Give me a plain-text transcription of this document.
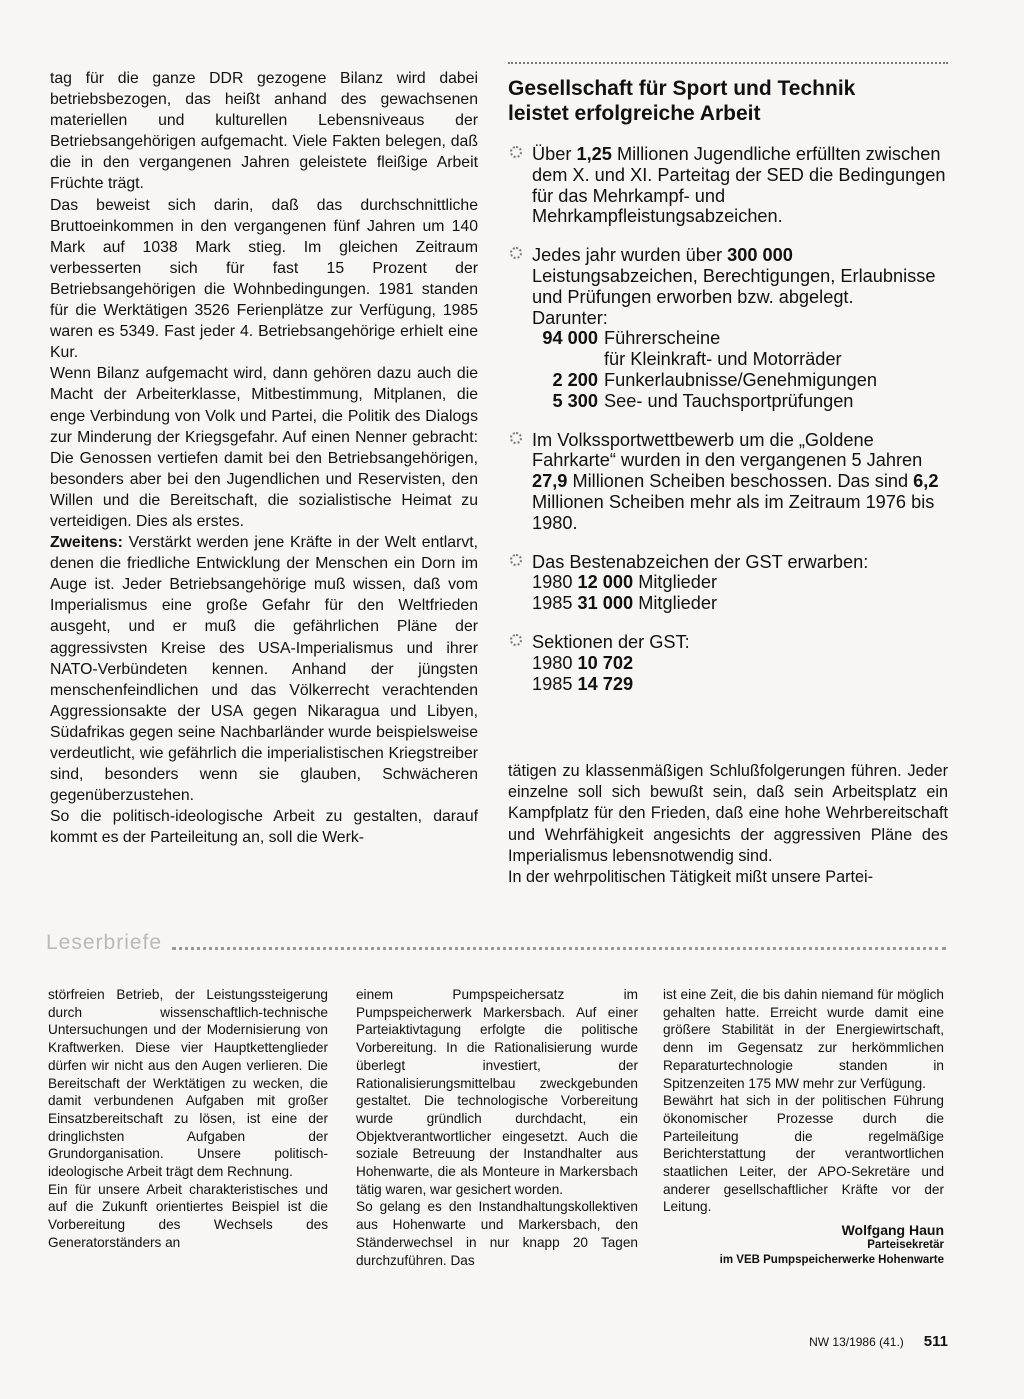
tag für die ganze DDR gezogene Bilanz wird dabei betriebsbezogen, das heißt anhand des gewachsenen materiellen und kulturellen Lebensniveaus der Betriebsangehörigen aufgemacht. Viele Fakten belegen, daß die in den vergangenen Jahren geleistete fleißige Arbeit Früchte trägt.

Das beweist sich darin, daß das durchschnittliche Bruttoeinkommen in den vergangenen fünf Jahren um 140 Mark auf 1038 Mark stieg. Im gleichen Zeitraum verbesserten sich für fast 15 Prozent der Betriebsangehörigen die Wohnbedingungen. 1981 standen für die Werktätigen 3526 Ferienplätze zur Verfügung, 1985 waren es 5349. Fast jeder 4. Betriebsangehörige erhielt eine Kur.

Wenn Bilanz aufgemacht wird, dann gehören dazu auch die Macht der Arbeiterklasse, Mitbestimmung, Mitplanen, die enge Verbindung von Volk und Partei, die Politik des Dialogs zur Minderung der Kriegsgefahr. Auf einen Nenner gebracht: Die Genossen vertiefen damit bei den Betriebsangehörigen, besonders aber bei den Jugendlichen und Reservisten, den Willen und die Bereitschaft, die sozialistische Heimat zu verteidigen. Dies als erstes.

Zweitens: Verstärkt werden jene Kräfte in der Welt entlarvt, denen die friedliche Entwicklung der Menschen ein Dorn im Auge ist. Jeder Betriebsangehörige muß wissen, daß vom Imperialismus eine große Gefahr für den Weltfrieden ausgeht, und er muß die gefährlichen Pläne der aggressivsten Kreise des USA-Imperialismus und ihrer NATO-Verbündeten kennen. Anhand der jüngsten menschenfeindlichen und das Völkerrecht verachtenden Aggressionsakte der USA gegen Nikaragua und Libyen, Südafrikas gegen seine Nachbarländer wurde beispielsweise verdeutlicht, wie gefährlich die imperialistischen Kriegstreiber sind, besonders wenn sie glauben, Schwächeren gegenüberzustehen.

So die politisch-ideologische Arbeit zu gestalten, darauf kommt es der Parteileitung an, soll die Werk-

Gesellschaft für Sport und Technik
leistet erfolgreiche Arbeit
Über 1,25 Millionen Jugendliche erfüllten zwischen dem X. und XI. Parteitag der SED die Bedingungen für das Mehrkampf- und Mehrkampfleistungsabzeichen.
Jedes jahr wurden über 300 000 Leistungsabzeichen, Berechtigungen, Erlaubnisse und Prüfungen erworben bzw. abgelegt.
Darunter:
94 000 Führerscheine
für Kleinkraft- und Motorräder
2 200 Funkerlaubnisse/Genehmigungen
5 300 See- und Tauchsportprüfungen
Im Volkssportwettbewerb um die „Goldene Fahrkarte“ wurden in den vergangenen 5 Jahren 27,9 Millionen Scheiben beschossen. Das sind 6,2 Millionen Scheiben mehr als im Zeitraum 1976 bis 1980.
Das Bestenabzeichen der GST erwarben:
1980 12 000 Mitglieder
1985 31 000 Mitglieder
Sektionen der GST:
1980 10 702
1985 14 729

tätigen zu klassenmäßigen Schlußfolgerungen führen. Jeder einzelne soll sich bewußt sein, daß sein Arbeitsplatz ein Kampfplatz für den Frieden, daß eine hohe Wehrbereitschaft und Wehrfähigkeit angesichts der aggressiven Pläne des Imperialismus lebensnotwendig sind.

In der wehrpolitischen Tätigkeit mißt unsere Partei-

Leserbriefe

störfreien Betrieb, der Leistungssteigerung durch wissenschaftlich-technische Untersuchungen und der Modernisierung von Kraftwerken. Diese vier Hauptkettenglieder dürfen wir nicht aus den Augen verlieren. Die Bereitschaft der Werktätigen zu wecken, die damit verbundenen Aufgaben mit großer Einsatzbereitschaft zu lösen, ist eine der dringlichsten Aufgaben der Grundorganisation. Unsere politisch-ideologische Arbeit trägt dem Rechnung.

Ein für unsere Arbeit charakteristisches und auf die Zukunft orientiertes Beispiel ist die Vorbereitung des Wechsels des Generatorständers an

einem Pumpspeichersatz im Pumpspeicherwerk Markersbach. Auf einer Parteiaktivtagung erfolgte die politische Vorbereitung. In die Rationalisierung wurde überlegt investiert, der Rationalisierungsmittelbau zweckgebunden gestaltet. Die technologische Vorbereitung wurde gründlich durchdacht, ein Objektverantwortlicher eingesetzt. Auch die soziale Betreuung der Instandhalter aus Hohenwarte, die als Monteure in Markersbach tätig waren, war gesichert worden.

So gelang es den Instandhaltungskollektiven aus Hohenwarte und Markersbach, den Ständerwechsel in nur knapp 20 Tagen durchzuführen. Das

ist eine Zeit, die bis dahin niemand für möglich gehalten hatte. Erreicht wurde damit eine größere Stabilität in der Energiewirtschaft, denn im Gegensatz zur herkömmlichen Reparaturtechnologie standen in Spitzenzeiten 175 MW mehr zur Verfügung.

Bewährt hat sich in der politischen Führung ökonomischer Prozesse durch die Parteileitung die regelmäßige Berichterstattung der verantwortlichen staatlichen Leiter, der APO-Sekretäre und anderer gesellschaftlicher Kräfte vor der Leitung.

Wolfgang Haun
Parteisekretär
im VEB Pumpspeicherwerke Hohenwarte
NW 13/1986 (41.) 511
